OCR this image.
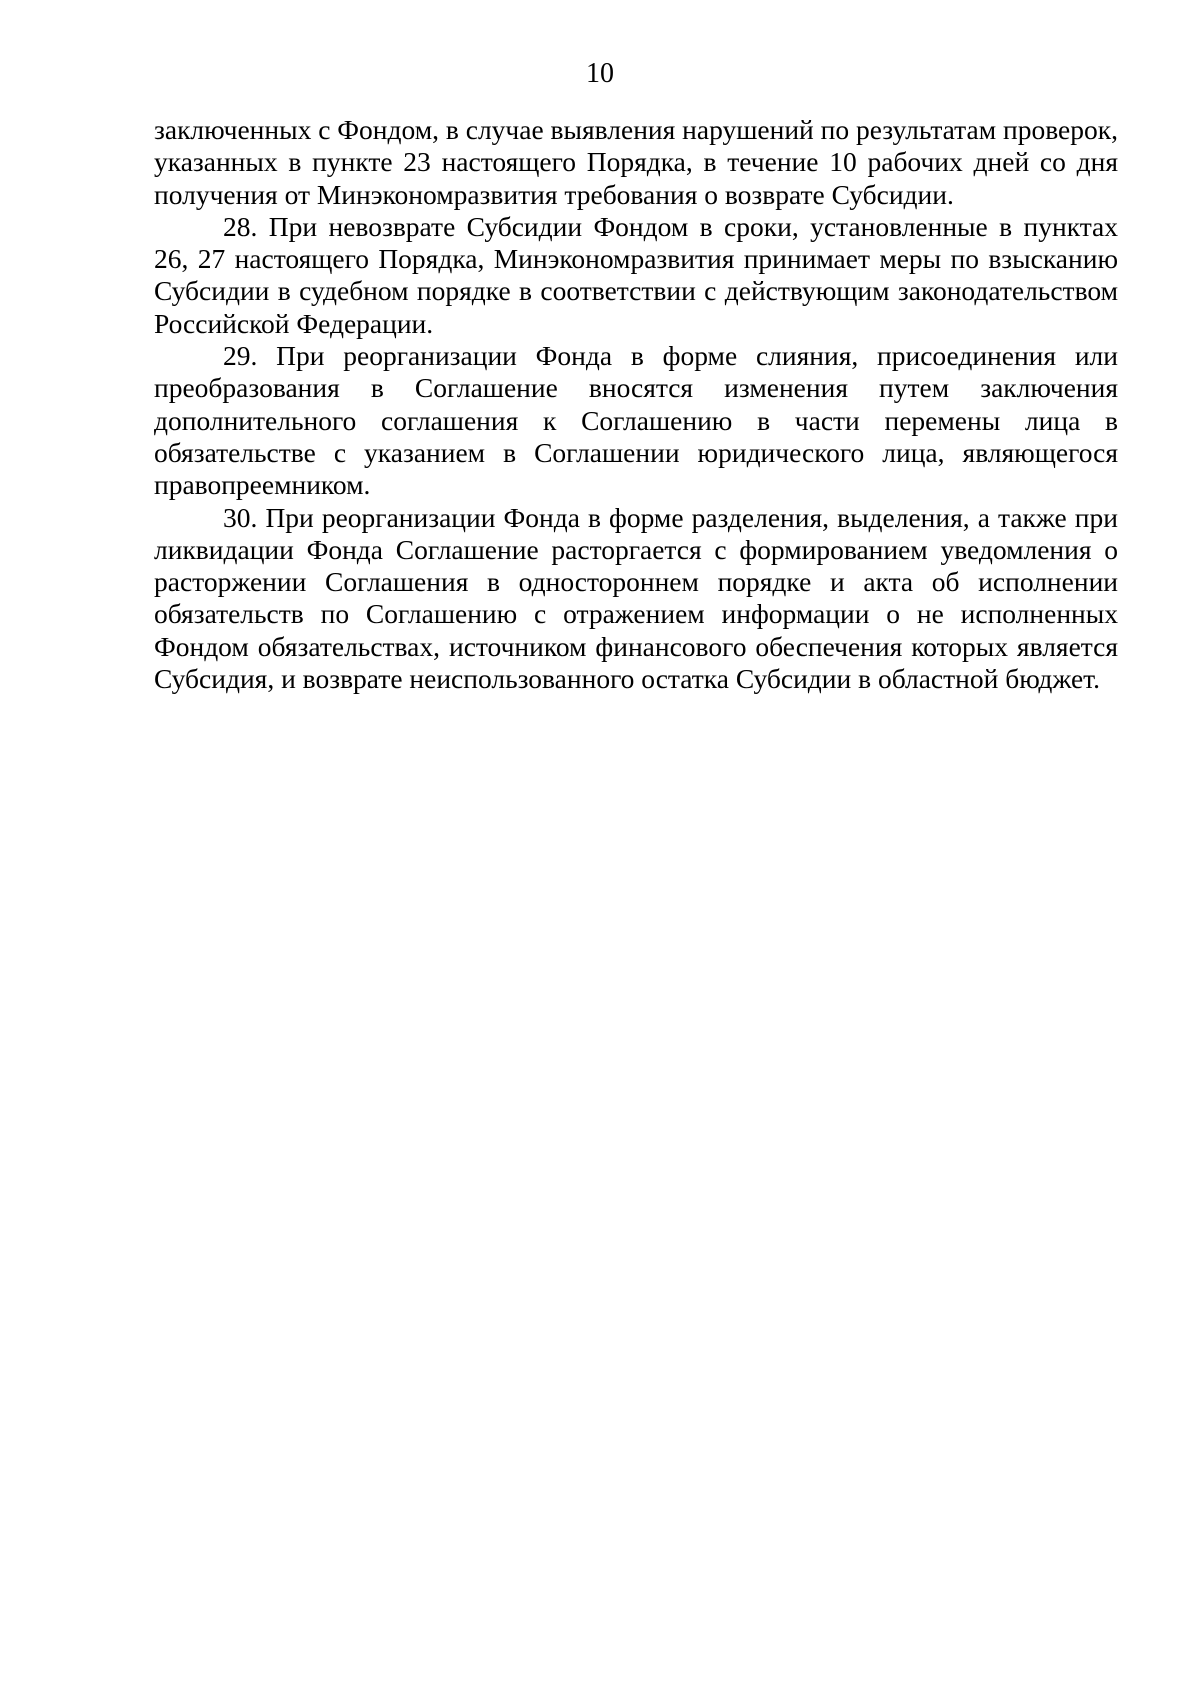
10

заключенных с Фондом, в случае выявления нарушений по результатам проверок, указанных в пункте 23 настоящего Порядка, в течение 10 рабочих дней со дня получения от Минэкономразвития требования о возврате Субсидии.

28. При невозврате Субсидии Фондом в сроки, установленные в пунктах 26, 27 настоящего Порядка, Минэкономразвития принимает меры по взысканию Субсидии в судебном порядке в соответствии с действующим законодательством Российской Федерации.

29. При реорганизации Фонда в форме слияния, присоединения или преобразования в Соглашение вносятся изменения путем заключения дополнительного соглашения к Соглашению в части перемены лица в обязательстве с указанием в Соглашении юридического лица, являющегося правопреемником.

30. При реорганизации Фонда в форме разделения, выделения, а также при ликвидации Фонда Соглашение расторгается с формированием уведомления о расторжении Соглашения в одностороннем порядке и акта об исполнении обязательств по Соглашению с отражением информации о не исполненных Фондом обязательствах, источником финансового обеспечения которых является Субсидия, и возврате неиспользованного остатка Субсидии в областной бюджет.
